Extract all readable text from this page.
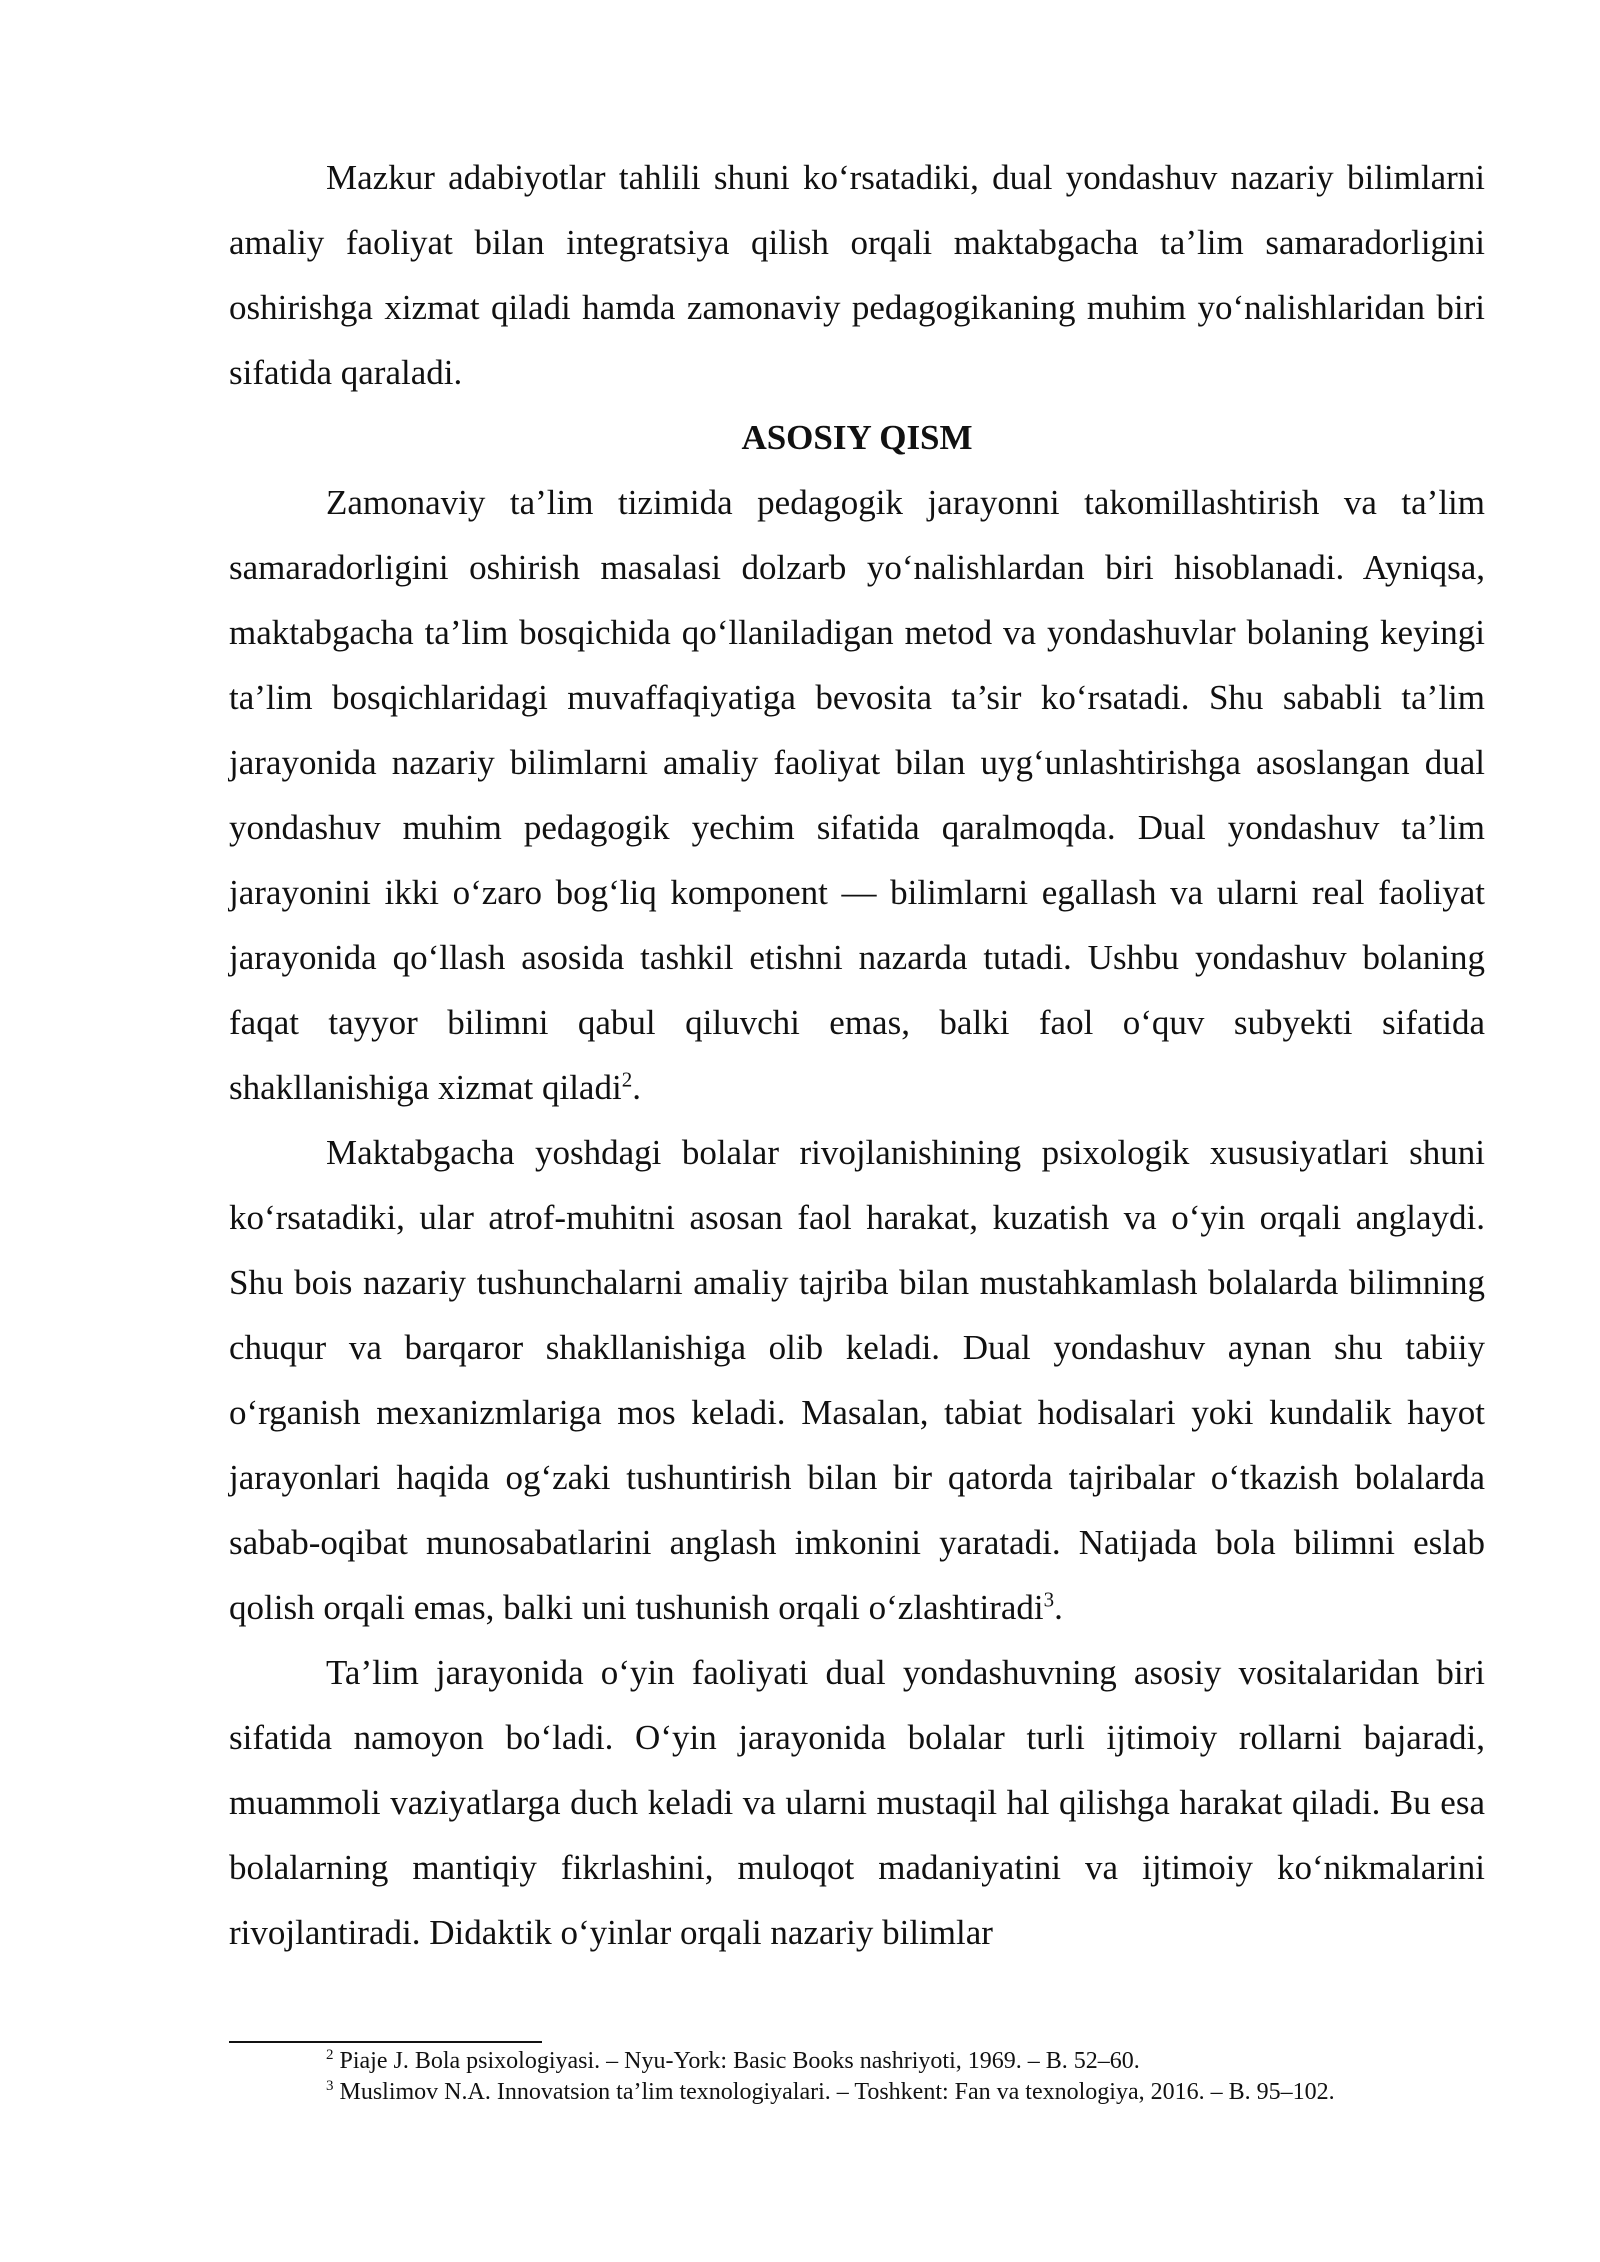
Mazkur adabiyotlar tahlili shuni ko‘rsatadiki, dual yondashuv nazariy bilimlarni amaliy faoliyat bilan integratsiya qilish orqali maktabgacha ta’lim samaradorligini oshirishga xizmat qiladi hamda zamonaviy pedagogikaning muhim yo‘nalishlaridan biri sifatida qaraladi.

ASOSIY QISM

Zamonaviy ta’lim tizimida pedagogik jarayonni takomillashtirish va ta’lim samaradorligini oshirish masalasi dolzarb yo‘nalishlardan biri hisoblanadi. Ayniqsa, maktabgacha ta’lim bosqichida qo‘llaniladigan metod va yondashuvlar bolaning keyingi ta’lim bosqichlaridagi muvaffaqiyatiga bevosita ta’sir ko‘rsatadi. Shu sababli ta’lim jarayonida nazariy bilimlarni amaliy faoliyat bilan uyg‘unlashtirishga asoslangan dual yondashuv muhim pedagogik yechim sifatida qaralmoqda. Dual yondashuv ta’lim jarayonini ikki o‘zaro bog‘liq komponent — bilimlarni egallash va ularni real faoliyat jarayonida qo‘llash asosida tashkil etishni nazarda tutadi. Ushbu yondashuv bolaning faqat tayyor bilimni qabul qiluvchi emas, balki faol o‘quv subyekti sifatida shakllanishiga xizmat qiladi$^2$.

Maktabgacha yoshdagi bolalar rivojlanishining psixologik xususiyatlari shuni ko‘rsatadiki, ular atrof-muhitni asosan faol harakat, kuzatish va o‘yin orqali anglaydi. Shu bois nazariy tushunchalarni amaliy tajriba bilan mustahkamlash bolalarda bilimning chuqur va barqaror shakllanishiga olib keladi. Dual yondashuv aynan shu tabiiy o‘rganish mexanizmlariga mos keladi. Masalan, tabiat hodisalari yoki kundalik hayot jarayonlari haqida og‘zaki tushuntirish bilan bir qatorda tajribalar o‘tkazish bolalarda sabab-oqibat munosabatlarini anglash imkonini yaratadi. Natijada bola bilimni eslab qolish orqali emas, balki uni tushunish orqali o‘zlashtiradi$^3$.

Ta’lim jarayonida o‘yin faoliyati dual yondashuvning asosiy vositalaridan biri sifatida namoyon bo‘ladi. O‘yin jarayonida bolalar turli ijtimoiy rollarni bajaradi, muammoli vaziyatlarga duch keladi va ularni mustaqil hal qilishga harakat qiladi. Bu esa bolalarning mantiqiy fikrlashini, muloqot madaniyatini va ijtimoiy ko‘nikmalarini rivojlantiradi. Didaktik o‘yinlar orqali nazariy bilimlar

$^2$ Piaje J. Bola psixologiyasi. – Nyu-York: Basic Books nashriyoti, 1969. – B. 52–60.

$^3$ Muslimov N.A. Innovatsion ta’lim texnologiyalari. – Toshkent: Fan va texnologiya, 2016. – B. 95–102.
